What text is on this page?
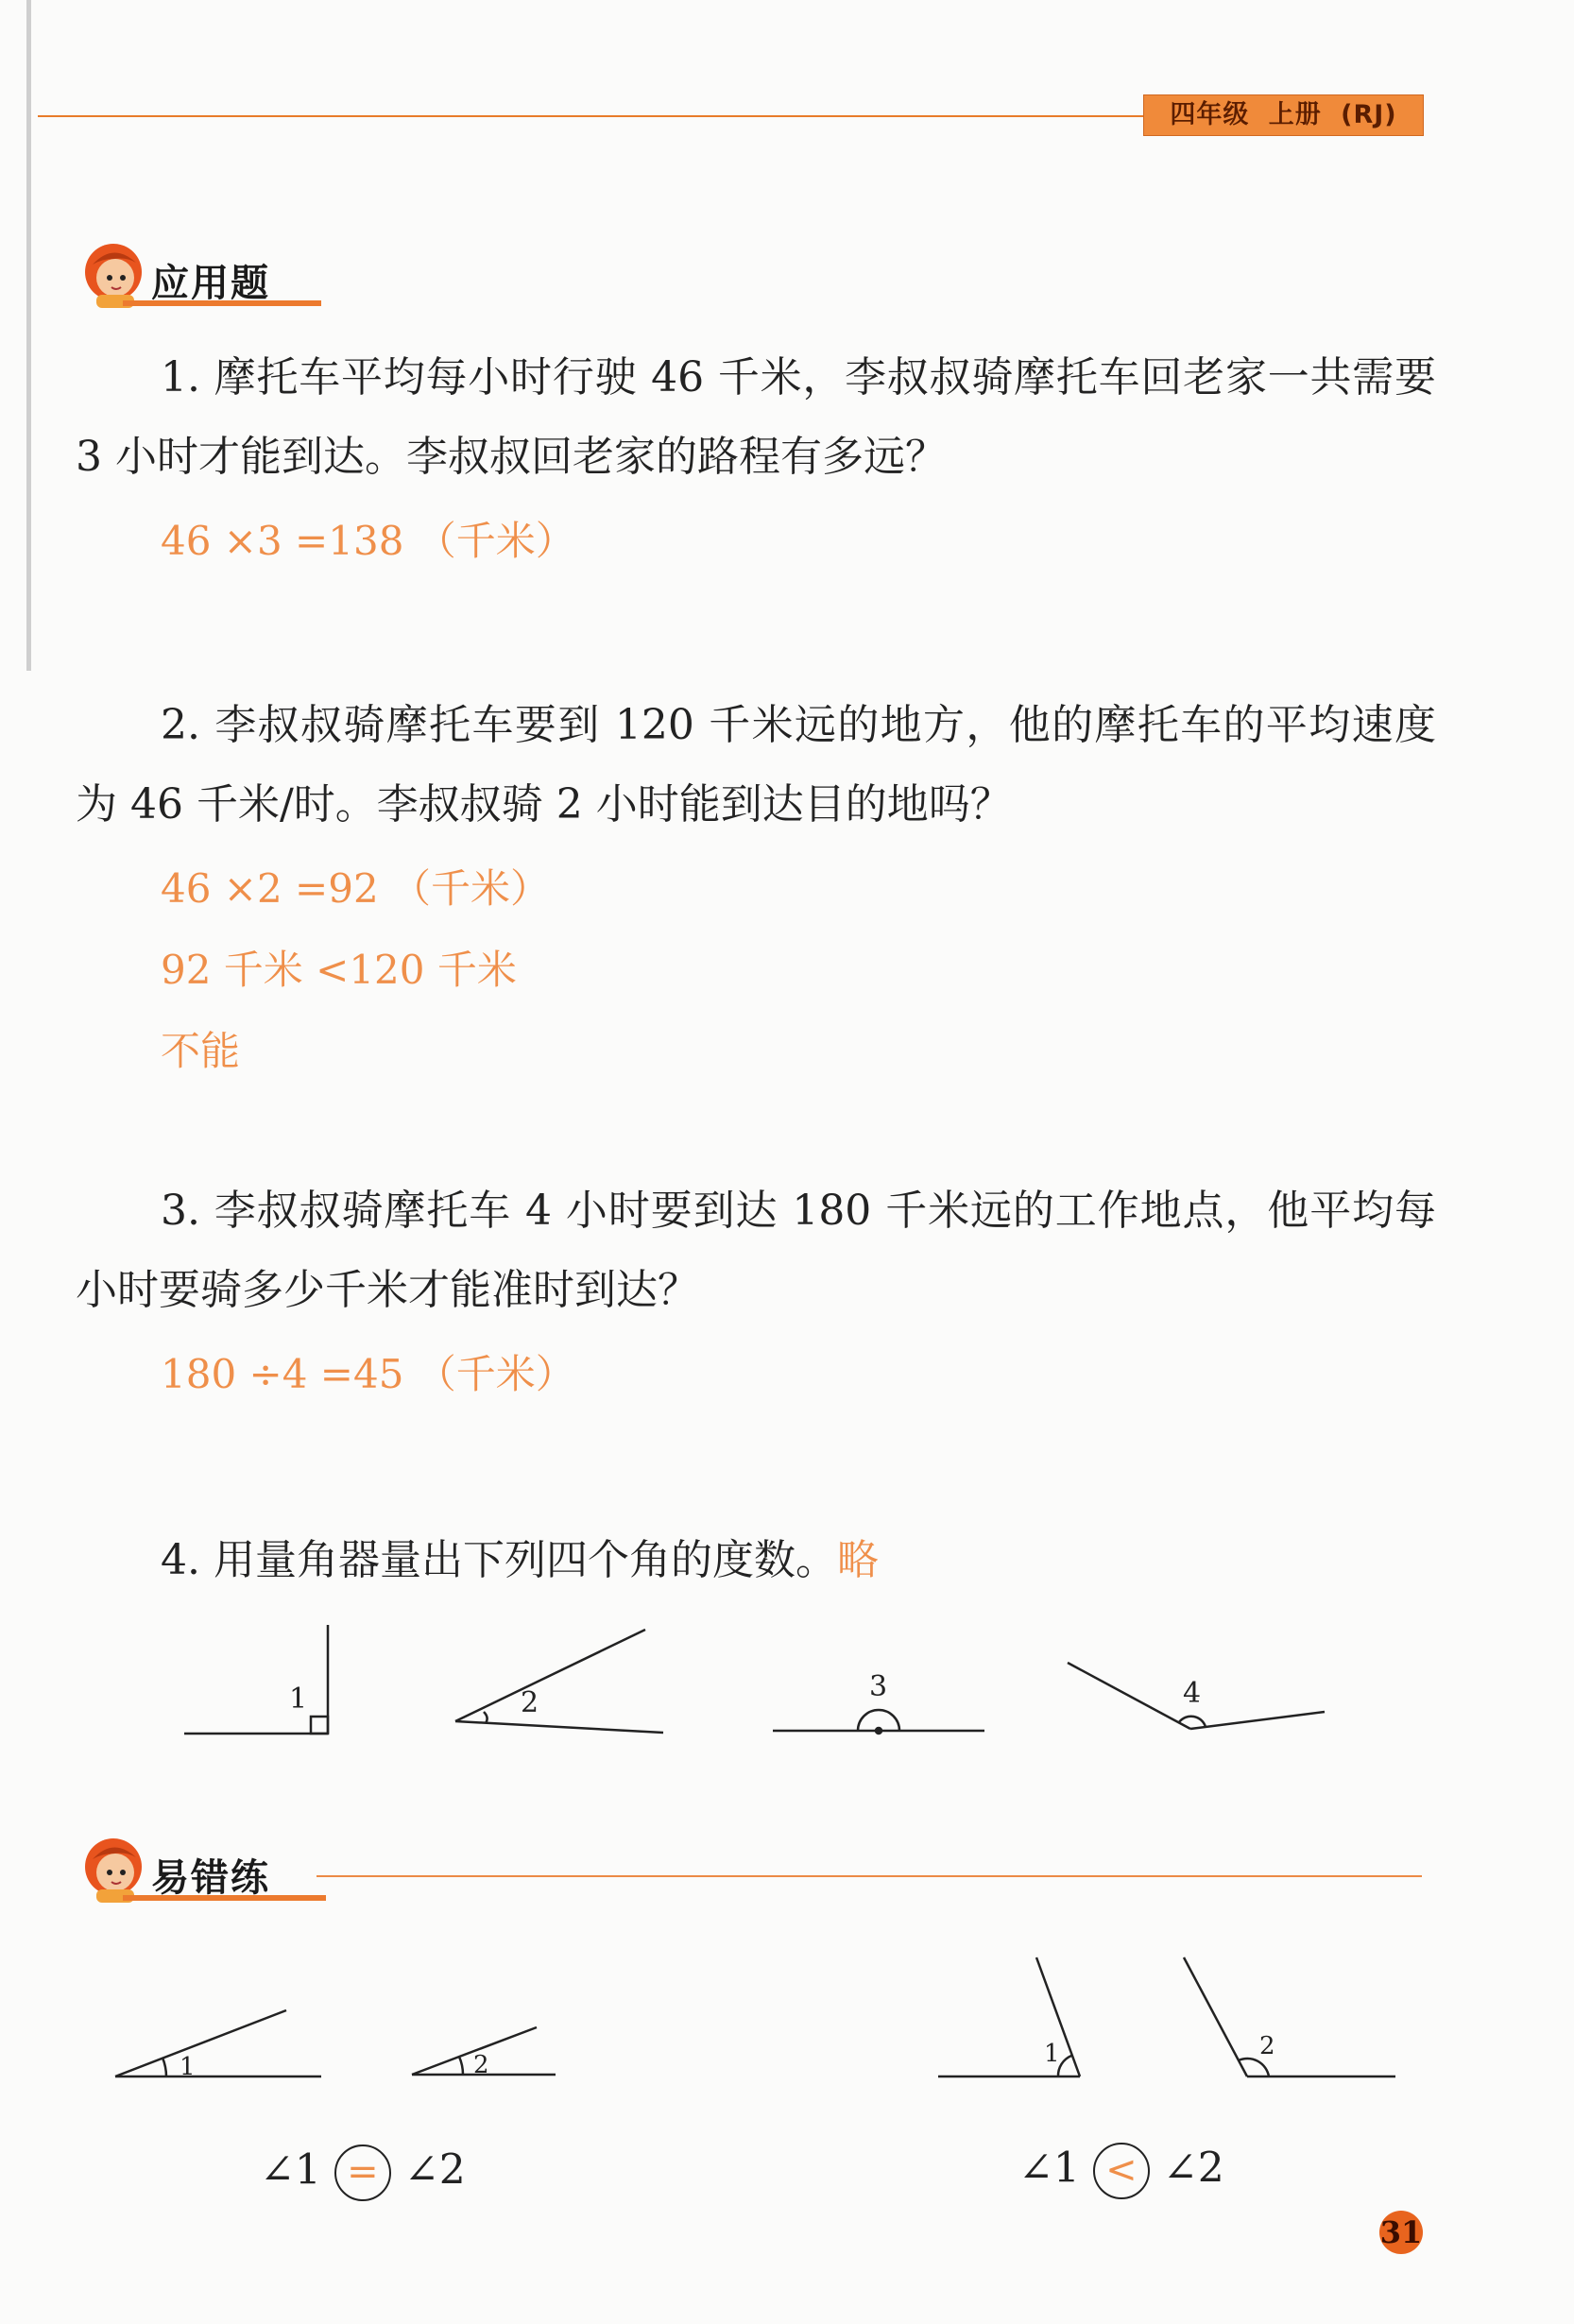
四年级 上册 (RJ)
应用题
1. 摩托车平均每小时行驶 46 千米，李叔叔骑摩托车回老家一共需要 3 小时才能到达。李叔叔回老家的路程有多远？
46 ×3 =138 （千米）
2. 李叔叔骑摩托车要到 120 千米远的地方，他的摩托车的平均速度为 46 千米/时。李叔叔骑 2 小时能到达目的地吗？
46 ×2 =92 （千米）
92 千米 <120 千米
不能
3. 李叔叔骑摩托车 4 小时要到达 180 千米远的工作地点，他平均每小时要骑多少千米才能准时到达？
180 ÷4 =45 （千米）
4. 用量角器量出下列四个角的度数。略
1	2	3	4
1	2	1	2
易错练
∠1 = ∠2	∠1 < ∠2
31
